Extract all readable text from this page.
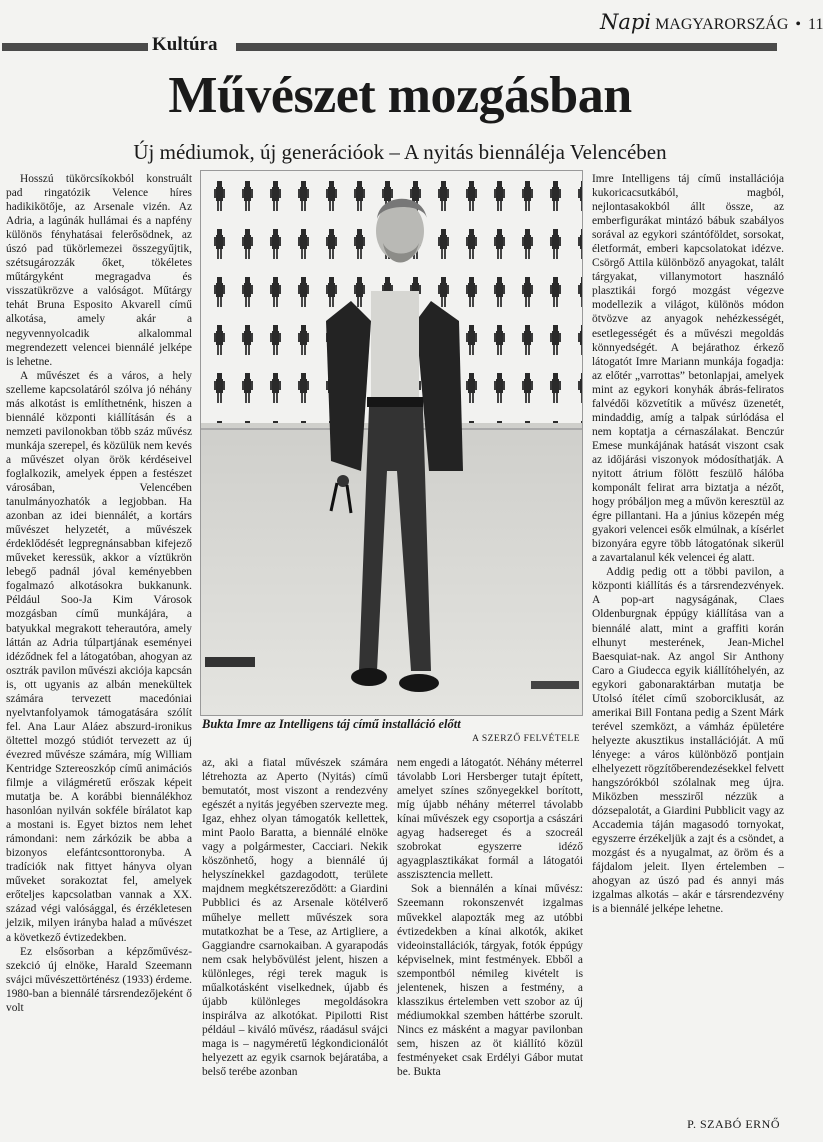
Napi MAGYARORSZÁG • 11
Kultúra
Művészet mozgásban
Új médiumok, új generációok – A nyitás biennáléja Velencében

Hosszú tükörcsíkokból konstruált pad ringatózik Velence híres hadikikötője, az Arsenale vizén. Az Adria, a lagúnák hullámai és a napfény különös fényhatásai felerősödnek, az úszó pad tükörlemezei összegyűjtik, szétsugározzák őket, tökéletes műtárgyként megragadva és visszatükrözve a valóságot. Műtárgy tehát Bruna Esposito Akvarell című alkotása, amely akár a negyvennyolcadik alkalommal megrendezett velencei biennálé jelképe is lehetne.

A művészet és a város, a hely szelleme kapcsolatáról szólva jó néhány más alkotást is említhetnénk, hiszen a biennálé központi kiállításán és a nemzeti pavilonokban több száz művész munkája szerepel, és közülük nem kevés a művészet olyan örök kérdéseivel foglalkozik, amelyek éppen a festészet városában, Velencében tanulmányozhatók a legjobban. Ha azonban az idei biennálét, a kortárs művészet helyzetét, a művészek érdeklődését legpregnánsabban kifejező műveket keressük, akkor a víztükrön lebegő padnál jóval keményebben fogalmazó alkotásokra bukkanunk. Például Soo-Ja Kim Városok mozgásban című munkájára, a batyukkal megrakott teherautóra, amely láttán az Adria túlpartjának eseményei idéződnek fel a látogatóban, ahogyan az osztrák pavilon művészi akciója kapcsán is, ott ugyanis az albán menekültek számára tervezett macedóniai nyelvtanfolyamok támogatására szólít fel. Ana Laur Aláez abszurd-ironikus öltettel mozgó stúdiót tervezett az új évezred művésze számára, míg William Kentridge Sztereoszkóp című animációs filmje a világméretű erőszak képeit mutatja be. A korábbi biennálékhoz hasonlóan nyilván sokféle bírálatot kap a mostani is. Egyet biztos nem lehet rámondani: nem zárkózik be abba a bizonyos elefántcsonttoronyba. A tradíciók nak fittyet hányva olyan műveket sorakoztat fel, amelyek erőteljes kapcsolatban vannak a XX. század végi valósággal, és érzékletesen jelzik, milyen irányba halad a művészet a következő évtizedekben.

Ez elsősorban a képzőművész-szekció új elnöke, Harald Szeemann svájci művészettörténész (1933) érdeme. 1980-ban a biennálé társrendezőjeként ő volt

Bukta Imre az Intelligens táj című installáció előtt
A SZERZŐ FELVÉTELE

az, aki a fiatal művészek számára létrehozta az Aperto (Nyitás) című bemutatót, most viszont a rendezvény egészét a nyitás jegyében szervezte meg. Igaz, ehhez olyan támogatók kellettek, mint Paolo Baratta, a biennálé elnöke vagy a polgármester, Cacciari. Nekik köszönhető, hogy a biennálé új helyszínekkel gazdagodott, területe majdnem megkétszereződött: a Giardini Pubblici és az Arsenale kötélverő műhelye mellett művészek sora mutatkozhat be a Tese, az Artigliere, a Gaggiandre csarnokaiban. A gyarapodás nem csak helybővülést jelent, hiszen a különleges, régi terek maguk is műalkotásként viselkednek, újabb és újabb különleges megoldásokra inspirálva az alkotókat. Pipilotti Rist például – kiváló művész, ráadásul svájci maga is – nagyméretű légkondicionálót helyezett az egyik csarnok bejáratába, a belső terébe azonban

nem engedi a látogatót. Néhány méterrel távolabb Lori Hersberger tutajt épített, amelyet színes szőnyegekkel borított, míg újabb néhány méterrel távolabb kínai művészek egy csoportja a császári agyag hadsereget és a szocreál szobrokat egyszerre idéző agyagplasztikákat formál a látogatói asszisztencia mellett.

Sok a biennálén a kínai művész: Szeemann rokonszenvét izgalmas művekkel alapozták meg az utóbbi évtizedekben a kínai alkotók, akiket videoinstallációk, tárgyak, fotók éppúgy képviselnek, mint festmények. Ebből a szempontból némileg kivételt is jelentenek, hiszen a festmény, a klasszikus értelemben vett szobor az új médiumokkal szemben háttérbe szorult. Nincs ez másként a magyar pavilonban sem, hiszen az öt kiállító közül festményeket csak Erdélyi Gábor mutat be. Bukta

Imre Intelligens táj című installációja kukoricacsutkából, magból, nejlontasakokból állt össze, az emberfigurákat mintázó bábuk szabályos sorával az egykori szántóföldet, sorsokat, életformát, emberi kapcsolatokat idézve. Csörgő Attila különböző anyagokat, talált tárgyakat, villanymotort használó plasztikái forgó mozgást végezve modellezik a világot, különös módon ötvözve az anyagok nehézkességét, esetlegességét és a művészi megoldás könnyedségét. A bejárathoz érkező látogatót Imre Mariann munkája fogadja: az előtér „varrottas” betonlapjai, amelyek mint az egykori konyhák ábrás-feliratos falvédői közvetítik a művész üzenetét, mindaddig, amíg a talpak súrlódása el nem koptatja a cérnaszálakat. Benczúr Emese munkájának hatását viszont csak az időjárási viszonyok módosíthatják. A nyitott átrium fölött feszülő hálóba komponált felirat arra biztatja a nézőt, hogy próbáljon meg a művön keresztül az égre pillantani. Ha a június közepén még gyakori velencei esők elmúlnak, a kísérlet bizonyára egyre több látogatónak sikerül a zavartalanul kék velencei ég alatt.

Addig pedig ott a többi pavilon, a központi kiállítás és a társrendezvények. A pop-art nagyságának, Claes Oldenburgnak éppúgy kiállítása van a biennálé alatt, mint a graffiti korán elhunyt mesterének, Jean-Michel Baesquiat-nak. Az angol Sir Anthony Caro a Giudecca egyik kiállítóhelyén, az egykori gabonaraktárban mutatja be Utolsó ítélet című szoborciklusát, az amerikai Bill Fontana pedig a Szent Márk terével szemközt, a vámház épületére helyezte akusztikus installációját. A mű lényege: a város különböző pontjain elhelyezett rögzítőberendezésekkel felvett hangszórókból szólalnak meg újra. Miközben messziről nézzük a dózsepalotát, a Giardini Pubblicit vagy az Accademia táján magasodó tornyokat, egyszerre érzékeljük a zajt és a csöndet, a mozgást és a nyugalmat, az öröm és a fájdalom jeleit. Ilyen értelemben – ahogyan az úszó pad és annyi más izgalmas alkotás – akár e társrendezvény is a biennálé jelképe lehetne.

P. SZABÓ ERNŐ
